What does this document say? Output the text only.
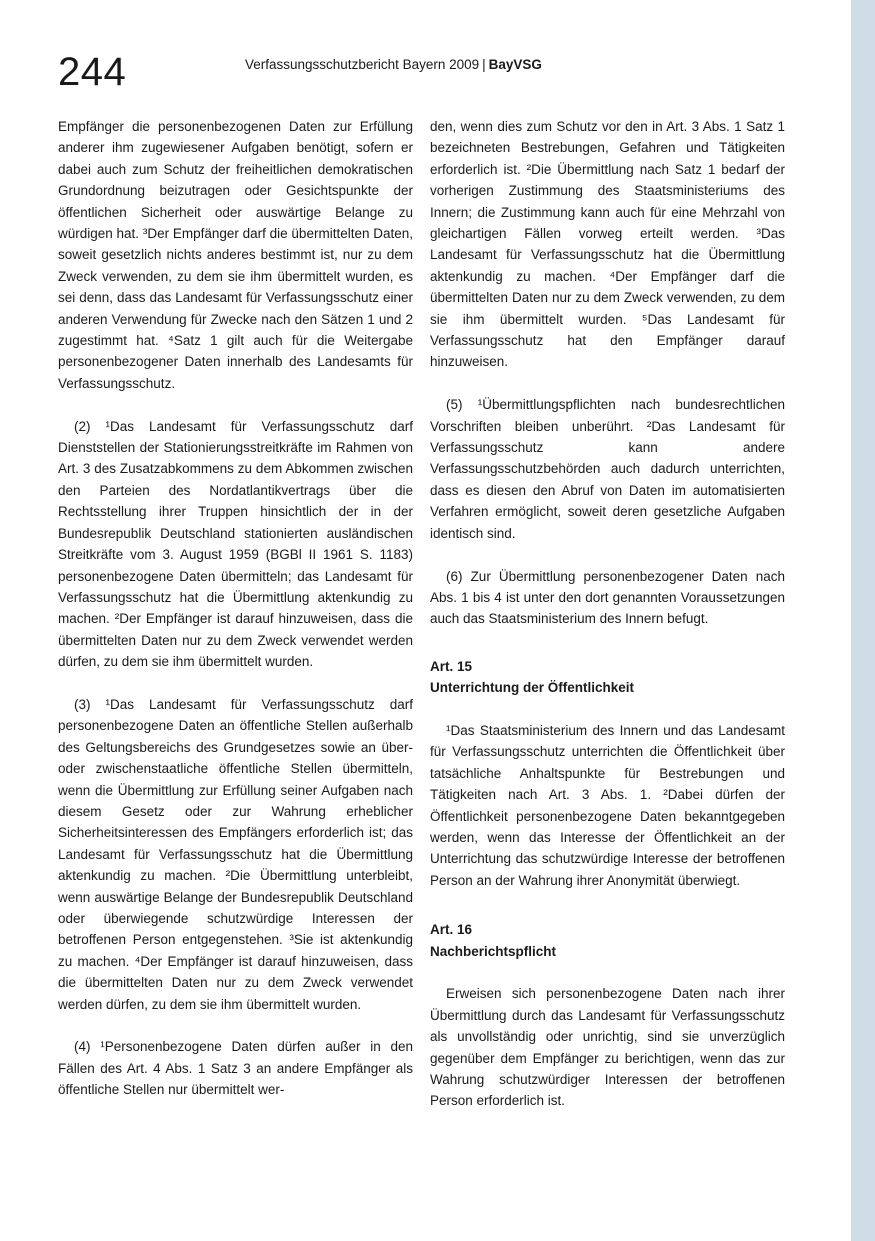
244	Verfassungsschutzbericht Bayern 2009 | BayVSG

Empfänger die personenbezogenen Daten zur Erfüllung anderer ihm zugewiesener Aufgaben benötigt, sofern er dabei auch zum Schutz der freiheitlichen demokratischen Grundordnung beizutragen oder Gesichtspunkte der öffentlichen Sicherheit oder auswärtige Belange zu würdigen hat. ³Der Empfänger darf die übermittelten Daten, soweit gesetzlich nichts anderes bestimmt ist, nur zu dem Zweck verwenden, zu dem sie ihm übermittelt wurden, es sei denn, dass das Landesamt für Verfassungsschutz einer anderen Verwendung für Zwecke nach den Sätzen 1 und 2 zugestimmt hat. ⁴Satz 1 gilt auch für die Weitergabe personenbezogener Daten innerhalb des Landesamts für Verfassungsschutz.

(2) ¹Das Landesamt für Verfassungsschutz darf Dienststellen der Stationierungsstreitkräfte im Rahmen von Art. 3 des Zusatzabkommens zu dem Abkommen zwischen den Parteien des Nordatlantikvertrags über die Rechtsstellung ihrer Truppen hinsichtlich der in der Bundesrepublik Deutschland stationierten ausländischen Streitkräfte vom 3. August 1959 (BGBl II 1961 S. 1183) personenbezogene Daten übermitteln; das Landesamt für Verfassungsschutz hat die Übermittlung aktenkundig zu machen. ²Der Empfänger ist darauf hinzuweisen, dass die übermittelten Daten nur zu dem Zweck verwendet werden dürfen, zu dem sie ihm übermittelt wurden.

(3) ¹Das Landesamt für Verfassungsschutz darf personenbezogene Daten an öffentliche Stellen außerhalb des Geltungsbereichs des Grundgesetzes sowie an über- oder zwischenstaatliche öffentliche Stellen übermitteln, wenn die Übermittlung zur Erfüllung seiner Aufgaben nach diesem Gesetz oder zur Wahrung erheblicher Sicherheitsinteressen des Empfängers erforderlich ist; das Landesamt für Verfassungsschutz hat die Übermittlung aktenkundig zu machen. ²Die Übermittlung unterbleibt, wenn auswärtige Belange der Bundesrepublik Deutschland oder überwiegende schutzwürdige Interessen der betroffenen Person entgegenstehen. ³Sie ist aktenkundig zu machen. ⁴Der Empfänger ist darauf hinzuweisen, dass die übermittelten Daten nur zu dem Zweck verwendet werden dürfen, zu dem sie ihm übermittelt wurden.

(4) ¹Personenbezogene Daten dürfen außer in den Fällen des Art. 4 Abs. 1 Satz 3 an andere Empfänger als öffentliche Stellen nur übermittelt wer-

den, wenn dies zum Schutz vor den in Art. 3 Abs. 1 Satz 1 bezeichneten Bestrebungen, Gefahren und Tätigkeiten erforderlich ist. ²Die Übermittlung nach Satz 1 bedarf der vorherigen Zustimmung des Staatsministeriums des Innern; die Zustimmung kann auch für eine Mehrzahl von gleichartigen Fällen vorweg erteilt werden. ³Das Landesamt für Verfassungsschutz hat die Übermittlung aktenkundig zu machen. ⁴Der Empfänger darf die übermittelten Daten nur zu dem Zweck verwenden, zu dem sie ihm übermittelt wurden. ⁵Das Landesamt für Verfassungsschutz hat den Empfänger darauf hinzuweisen.

(5) ¹Übermittlungspflichten nach bundesrechtlichen Vorschriften bleiben unberührt. ²Das Landesamt für Verfassungsschutz kann andere Verfassungsschutzbehörden auch dadurch unterrichten, dass es diesen den Abruf von Daten im automatisierten Verfahren ermöglicht, soweit deren gesetzliche Aufgaben identisch sind.

(6) Zur Übermittlung personenbezogener Daten nach Abs. 1 bis 4 ist unter den dort genannten Voraussetzungen auch das Staatsministerium des Innern befugt.

Art. 15
Unterrichtung der Öffentlichkeit

¹Das Staatsministerium des Innern und das Landesamt für Verfassungsschutz unterrichten die Öffentlichkeit über tatsächliche Anhaltspunkte für Bestrebungen und Tätigkeiten nach Art. 3 Abs. 1. ²Dabei dürfen der Öffentlichkeit personenbezogene Daten bekanntgegeben werden, wenn das Interesse der Öffentlichkeit an der Unterrichtung das schutzwürdige Interesse der betroffenen Person an der Wahrung ihrer Anonymität überwiegt.

Art. 16
Nachberichtspflicht

Erweisen sich personenbezogene Daten nach ihrer Übermittlung durch das Landesamt für Verfassungsschutz als unvollständig oder unrichtig, sind sie unverzüglich gegenüber dem Empfänger zu berichtigen, wenn das zur Wahrung schutzwürdiger Interessen der betroffenen Person erforderlich ist.
